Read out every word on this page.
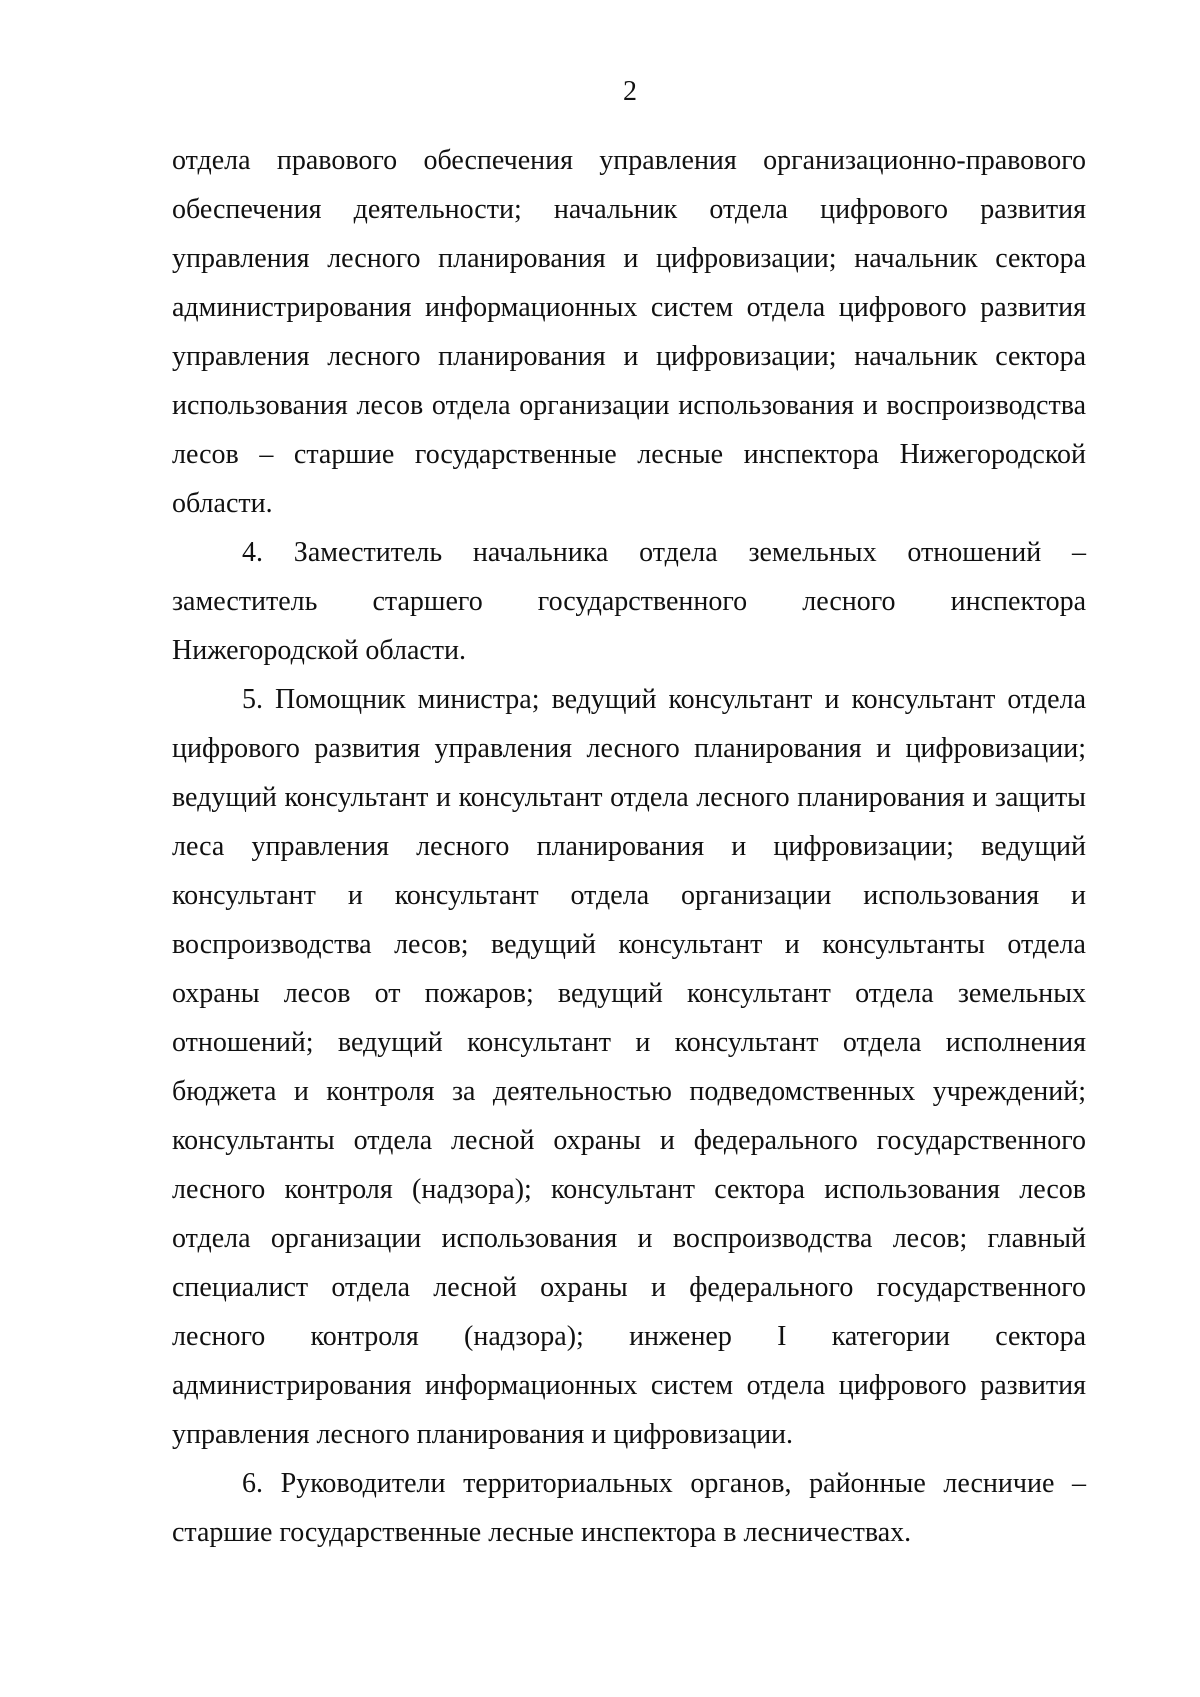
2

отдела правового обеспечения управления организационно-правового обеспечения деятельности; начальник отдела цифрового развития управления лесного планирования и цифровизации; начальник сектора администрирования информационных систем отдела цифрового развития управления лесного планирования и цифровизации; начальник сектора использования лесов отдела организации использования и воспроизводства лесов – старшие государственные лесные инспектора Нижегородской области.

4. Заместитель начальника отдела земельных отношений – заместитель старшего государственного лесного инспектора Нижегородской области.

5. Помощник министра; ведущий консультант и консультант отдела цифрового развития управления лесного планирования и цифровизации; ведущий консультант и консультант отдела лесного планирования и защиты леса управления лесного планирования и цифровизации; ведущий консультант и консультант отдела организации использования и воспроизводства лесов; ведущий консультант и консультанты отдела охраны лесов от пожаров; ведущий консультант отдела земельных отношений; ведущий консультант и консультант отдела исполнения бюджета и контроля за деятельностью подведомственных учреждений; консультанты отдела лесной охраны и федерального государственного лесного контроля (надзора); консультант сектора использования лесов отдела организации использования и воспроизводства лесов; главный специалист отдела лесной охраны и федерального государственного лесного контроля (надзора); инженер I категории сектора администрирования информационных систем отдела цифрового развития управления лесного планирования и цифровизации.

6. Руководители территориальных органов, районные лесничие – старшие государственные лесные инспектора в лесничествах.
